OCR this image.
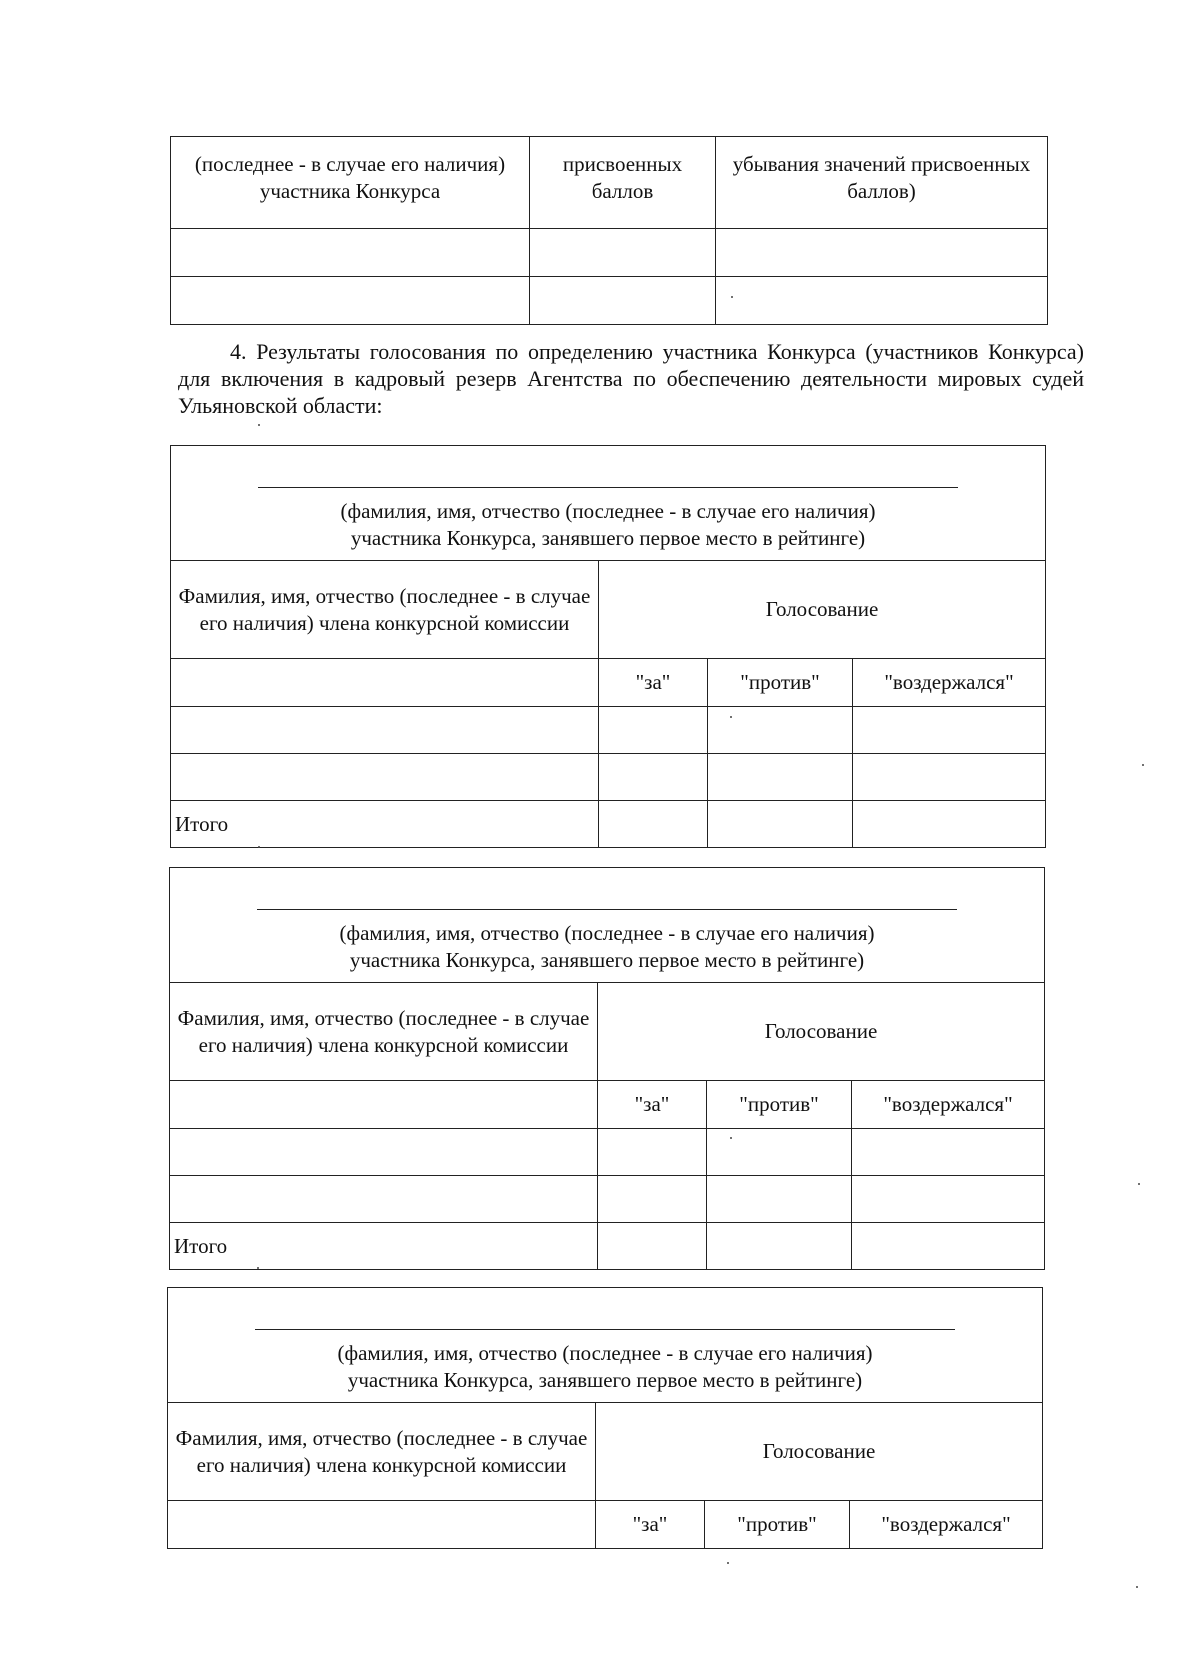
(последнее - в случае его наличия) участника Конкурса	присвоенных баллов	убывания значений присвоенных баллов)

4. Результаты голосования по определению участника Конкурса (участников Конкурса) для включения в кадровый резерв Агентства по обеспечению деятельности мировых судей Ульяновской области:
(фамилия, имя, отчество (последнее - в случае его наличия)
участника Конкурса, занявшего первое место в рейтинге)			

Фамилия, имя, отчество (последнее - в случае его наличия) члена конкурсной комиссии	Голосование		
	"за"	"против"	"воздержался"

Итого			
(фамилия, имя, отчество (последнее - в случае его наличия)
участника Конкурса, занявшего первое место в рейтинге)			

Фамилия, имя, отчество (последнее - в случае его наличия) члена конкурсной комиссии	Голосование		
	"за"	"против"	"воздержался"

Итого			
(фамилия, имя, отчество (последнее - в случае его наличия)
участника Конкурса, занявшего первое место в рейтинге)			

Фамилия, имя, отчество (последнее - в случае его наличия) члена конкурсной комиссии	Голосование		
	"за"	"против"	"воздержался"
